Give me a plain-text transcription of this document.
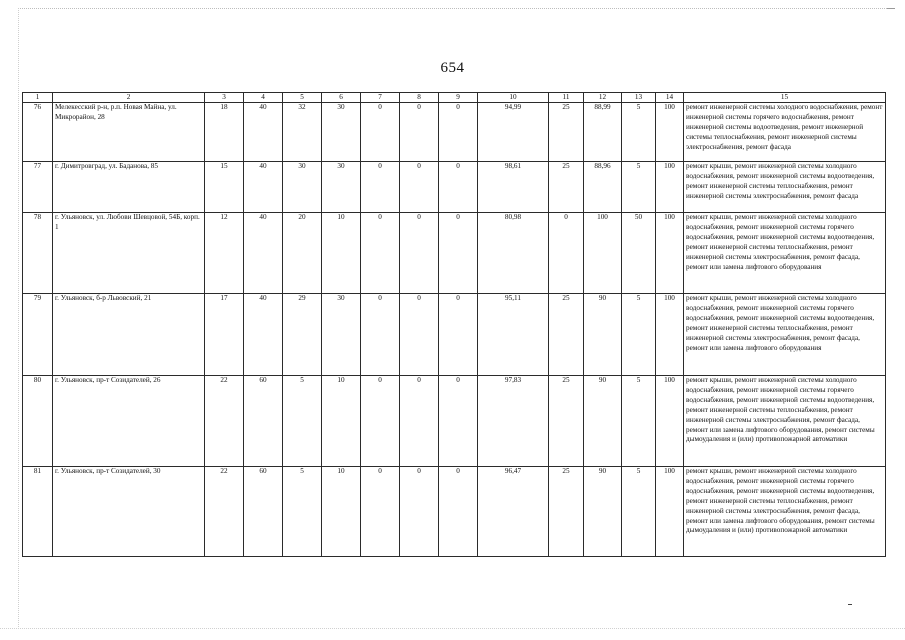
654
1	2	3	4	5	6	7	8	9	10	11	12	13	14	15
76	Мелекесский р-н, р.п. Новая Майна, ул. Микрорайон, 28	18	40	32	30	0	0	0	94,99	25	88,99	5	100	ремонт инженерной системы холодного водоснабжения, ремонт инженерной системы горячего водоснабжения, ремонт инженерной системы водоотведения, ремонт инженерной системы теплоснабжения, ремонт инженерной системы электроснабжения, ремонт фасада
77	г. Димитровград, ул. Баданова, 85	15	40	30	30	0	0	0	98,61	25	88,96	5	100	ремонт крыши, ремонт инженерной системы холодного водоснабжения, ремонт инженерной системы водоотведения, ремонт инженерной системы теплоснабжения, ремонт инженерной системы электроснабжения, ремонт фасада
78	г. Ульяновск, ул. Любови Шевцовой, 54Б, корп. 1	12	40	20	10	0	0	0	80,98	0	100	50	100	ремонт крыши, ремонт инженерной системы холодного водоснабжения, ремонт инженерной системы горячего водоснабжения, ремонт инженерной системы водоотведения, ремонт инженерной системы теплоснабжения, ремонт инженерной системы электроснабжения, ремонт фасада, ремонт или замена лифтового оборудования
79	г. Ульяновск, б-р Львовский, 21	17	40	29	30	0	0	0	95,11	25	90	5	100	ремонт крыши, ремонт инженерной системы холодного водоснабжения, ремонт инженерной системы горячего водоснабжения, ремонт инженерной системы водоотведения, ремонт инженерной системы теплоснабжения, ремонт инженерной системы электроснабжения, ремонт фасада, ремонт или замена лифтового оборудования
80	г. Ульяновск, пр-т Созидателей, 26	22	60	5	10	0	0	0	97,83	25	90	5	100	ремонт крыши, ремонт инженерной системы холодного водоснабжения, ремонт инженерной системы горячего водоснабжения, ремонт инженерной системы водоотведения, ремонт инженерной системы теплоснабжения, ремонт инженерной системы электроснабжения, ремонт фасада, ремонт или замена лифтового оборудования, ремонт системы дымоудаления и (или) противопожарной автоматики
81	г. Ульяновск, пр-т Созидателей, 30	22	60	5	10	0	0	0	96,47	25	90	5	100	ремонт крыши, ремонт инженерной системы холодного водоснабжения, ремонт инженерной системы горячего водоснабжения, ремонт инженерной системы водоотведения, ремонт инженерной системы теплоснабжения, ремонт инженерной системы электроснабжения, ремонт фасада, ремонт или замена лифтового оборудования, ремонт системы дымоудаления и (или) противопожарной автоматики
